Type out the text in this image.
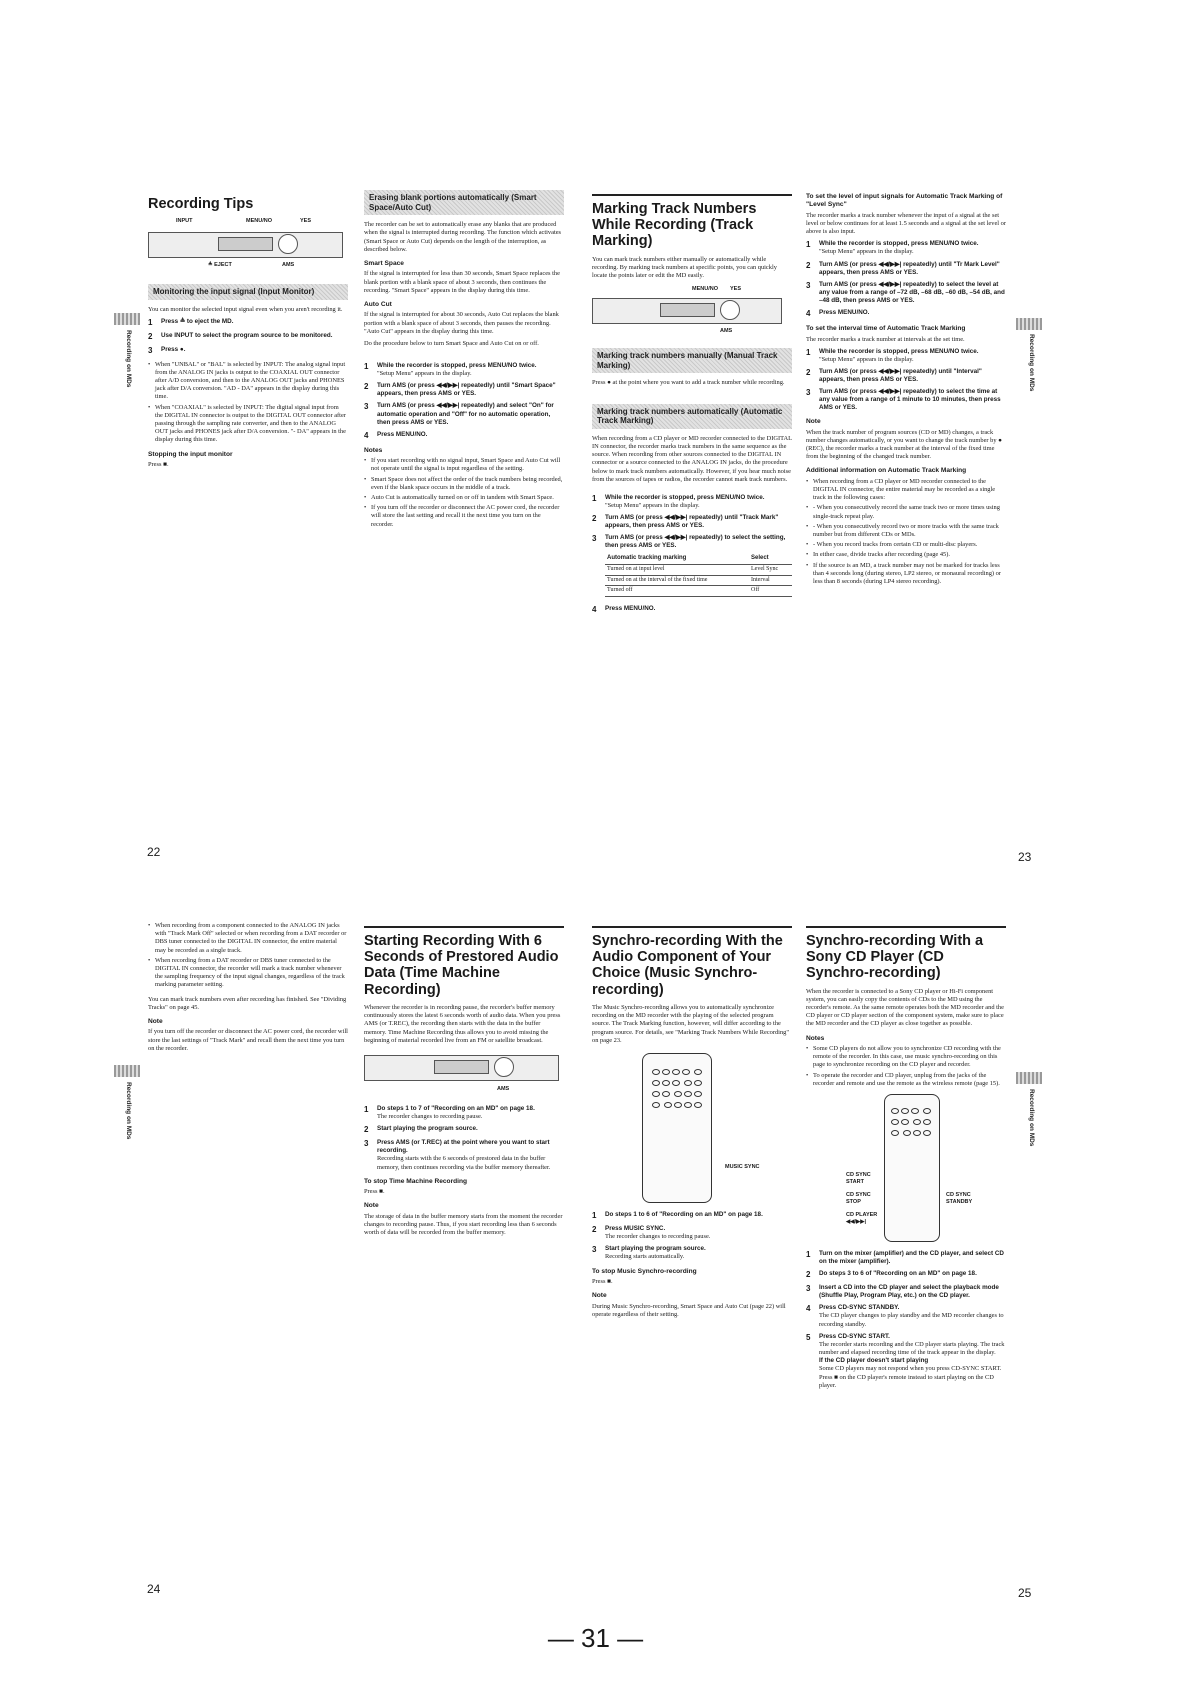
Recording on MDs	Recording on MDs
Recording on MDs	Recording on MDs
Recording Tips
INPUT	MENU/NO	YES
≜ EJECT	AMS
Monitoring the input signal (Input Monitor)

You can monitor the selected input signal even when you aren't recording it.

1	Press ≜ to eject the MD.
2	Use INPUT to select the program source to be monitored.
3	Press ●.
• When "UNBAL" or "BAL" is selected by INPUT: The analog signal input from the ANALOG IN jacks is output to the COAXIAL OUT connector after A/D conversion, and then to the ANALOG OUT jacks and PHONES jack after D/A conversion. "AD - DA" appears in the display during this time.
• When "COAXIAL" is selected by INPUT: The digital signal input from the DIGITAL IN connector is output to the DIGITAL OUT connector after passing through the sampling rate converter, and then to the ANALOG OUT jacks and PHONES jack after D/A conversion. "- DA" appears in the display during this time.
Stopping the input monitor

Press ■.

Erasing blank portions automatically (Smart Space/Auto Cut)

The recorder can be set to automatically erase any blanks that are produced when the signal is interrupted during recording. The function which activates (Smart Space or Auto Cut) depends on the length of the interruption, as described below.

Smart Space

If the signal is interrupted for less than 30 seconds, Smart Space replaces the blank portion with a blank space of about 3 seconds, then continues the recording. "Smart Space" appears in the display during this time.

Auto Cut

If the signal is interrupted for about 30 seconds, Auto Cut replaces the blank portion with a blank space of about 3 seconds, then pauses the recording. "Auto Cut" appears in the display during this time.

Do the procedure below to turn Smart Space and Auto Cut on or off.

1	While the recorder is stopped, press MENU/NO twice.
"Setup Menu" appears in the display.
2	Turn AMS (or press ◀◀/▶▶| repeatedly) until "Smart Space" appears, then press AMS or YES.
3	Turn AMS (or press ◀◀/▶▶| repeatedly) and select "On" for automatic operation and "Off" for no automatic operation, then press AMS or YES.
4	Press MENU/NO.
Notes
• If you start recording with no signal input, Smart Space and Auto Cut will not operate until the signal is input regardless of the setting.
• Smart Space does not affect the order of the track numbers being recorded, even if the blank space occurs in the middle of a track.
• Auto Cut is automatically turned on or off in tandem with Smart Space.
• If you turn off the recorder or disconnect the AC power cord, the recorder will store the last setting and recall it the next time you turn on the recorder.
Marking Track Numbers While Recording (Track Marking)

You can mark track numbers either manually or automatically while recording. By marking track numbers at specific points, you can quickly locate the points later or edit the MD easily.

MENU/NO YES
AMS
Marking track numbers manually (Manual Track Marking)

Press ● at the point where you want to add a track number while recording.

Marking track numbers automatically (Automatic Track Marking)

When recording from a CD player or MD recorder connected to the DIGITAL IN connector, the recorder marks track numbers in the same sequence as the source. When recording from other sources connected to the DIGITAL IN connector or a source connected to the ANALOG IN jacks, do the procedure below to mark track numbers automatically. However, if you hear much noise from the sources of tapes or radios, the recorder cannot mark track numbers.

1	While the recorder is stopped, press MENU/NO twice.
"Setup Menu" appears in the display.
2	Turn AMS (or press ◀◀/▶▶| repeatedly) until "Track Mark" appears, then press AMS or YES.
3	Turn AMS (or press ◀◀/▶▶| repeatedly) to select the setting, then press AMS or YES.
Automatic tracking marking	Select
Turned on at input level	Level Sync
Turned on at the interval of the fixed time	Interval
Turned off	Off
4	Press MENU/NO.
To set the level of input signals for Automatic Track Marking of "Level Sync"

The recorder marks a track number whenever the input of a signal at the set level or below continues for at least 1.5 seconds and a signal at the set level or above is also input.

1	While the recorder is stopped, press MENU/NO twice.
"Setup Menu" appears in the display.
2	Turn AMS (or press ◀◀/▶▶| repeatedly) until "Tr Mark Level" appears, then press AMS or YES.
3	Turn AMS (or press ◀◀/▶▶| repeatedly) to select the level at any value from a range of –72 dB, –68 dB, –60 dB, –54 dB, and –48 dB, then press AMS or YES.
4	Press MENU/NO.
To set the interval time of Automatic Track Marking

The recorder marks a track number at intervals at the set time.

1	While the recorder is stopped, press MENU/NO twice.
"Setup Menu" appears in the display.
2	Turn AMS (or press ◀◀/▶▶| repeatedly) until "Interval" appears, then press AMS or YES.
3	Turn AMS (or press ◀◀/▶▶| repeatedly) to select the time at any value from a range of 1 minute to 10 minutes, then press AMS or YES.
Note

When the track number of program sources (CD or MD) changes, a track number changes automatically, or you want to change the track number by ● (REC), the recorder marks a track number at the interval of the fixed time from the beginning of the changed track number.

Additional information on Automatic Track Marking
• When recording from a CD player or MD recorder connected to the DIGITAL IN connector, the entire material may be recorded as a single track in the following cases:
• - When you consecutively record the same track two or more times using single-track repeat play.
• - When you consecutively record two or more tracks with the same track number but from different CDs or MDs.
• - When you record tracks from certain CD or multi-disc players.
• In either case, divide tracks after recording (page 45).
• If the source is an MD, a track number may not be marked for tracks less than 4 seconds long (during stereo, LP2 stereo, or monaural recording) or less than 8 seconds (during LP4 stereo recording).
22	23
• When recording from a component connected to the ANALOG IN jacks with "Track Mark Off" selected or when recording from a DAT recorder or DBS tuner connected to the DIGITAL IN connector, the entire material may be recorded as a single track.
• When recording from a DAT recorder or DBS tuner connected to the DIGITAL IN connector, the recorder will mark a track number whenever the sampling frequency of the input signal changes, regardless of the track marking parameter setting.

You can mark track numbers even after recording has finished. See "Dividing Tracks" on page 45.

Note

If you turn off the recorder or disconnect the AC power cord, the recorder will store the last settings of "Track Mark" and recall them the next time you turn on the recorder.

Starting Recording With 6 Seconds of Prestored Audio Data (Time Machine Recording)

Whenever the recorder is in recording pause, the recorder's buffer memory continuously stores the latest 6 seconds worth of audio data. When you press AMS (or T.REC), the recording then starts with the data in the buffer memory. Time Machine Recording thus allows you to avoid missing the beginning of material recorded live from an FM or satellite broadcast.

AMS
1	Do steps 1 to 7 of "Recording on an MD" on page 18.
The recorder changes to recording pause.
2	Start playing the program source.
3	Press AMS (or T.REC) at the point where you want to start recording.
Recording starts with the 6 seconds of prestored data in the buffer memory, then continues recording via the buffer memory thereafter.
To stop Time Machine Recording

Press ■.

Note

The storage of data in the buffer memory starts from the moment the recorder changes to recording pause. Thus, if you start recording less than 6 seconds worth of data will be recorded from the buffer memory.

Synchro-recording With the Audio Component of Your Choice (Music Synchro-recording)

The Music Synchro-recording allows you to automatically synchronize recording on the MD recorder with the playing of the selected program source. The Track Marking function, however, will differ according to the program source. For details, see "Marking Track Numbers While Recording" on page 23.

MUSIC SYNC
1	Do steps 1 to 6 of "Recording on an MD" on page 18.
2	Press MUSIC SYNC.
The recorder changes to recording pause.
3	Start playing the program source.
Recording starts automatically.
To stop Music Synchro-recording

Press ■.

Note

During Music Synchro-recording, Smart Space and Auto Cut (page 22) will operate regardless of their setting.

Synchro-recording With a Sony CD Player (CD Synchro-recording)

When the recorder is connected to a Sony CD player or Hi-Fi component system, you can easily copy the contents of CDs to the MD using the recorder's remote. As the same remote operates both the MD recorder and the CD player or CD player section of the component system, make sure to place the MD recorder and the CD player as close together as possible.

Notes
• Some CD players do not allow you to synchronize CD recording with the remote of the recorder. In this case, use music synchro-recording on this page to synchronize recording on the CD player and recorder.
• To operate the recorder and CD player, unplug from the jacks of the recorder and remote and use the remote as the wireless remote (page 15).

CD SYNC START
CD SYNC STOP
CD PLAYER ◀◀/▶▶|
CD SYNC STANDBY
1	Turn on the mixer (amplifier) and the CD player, and select CD on the mixer (amplifier).
2	Do steps 3 to 6 of "Recording on an MD" on page 18.
3	Insert a CD into the CD player and select the playback mode (Shuffle Play, Program Play, etc.) on the CD player.
4	Press CD-SYNC STANDBY.
The CD player changes to play standby and the MD recorder changes to recording standby.
5	Press CD-SYNC START.
The recorder starts recording and the CD player starts playing. The track number and elapsed recording time of the track appear in the display.
If the CD player doesn't start playing
Some CD players may not respond when you press CD-SYNC START. Press ■ on the CD player's remote instead to start playing on the CD player.
24	25
— 31 —
